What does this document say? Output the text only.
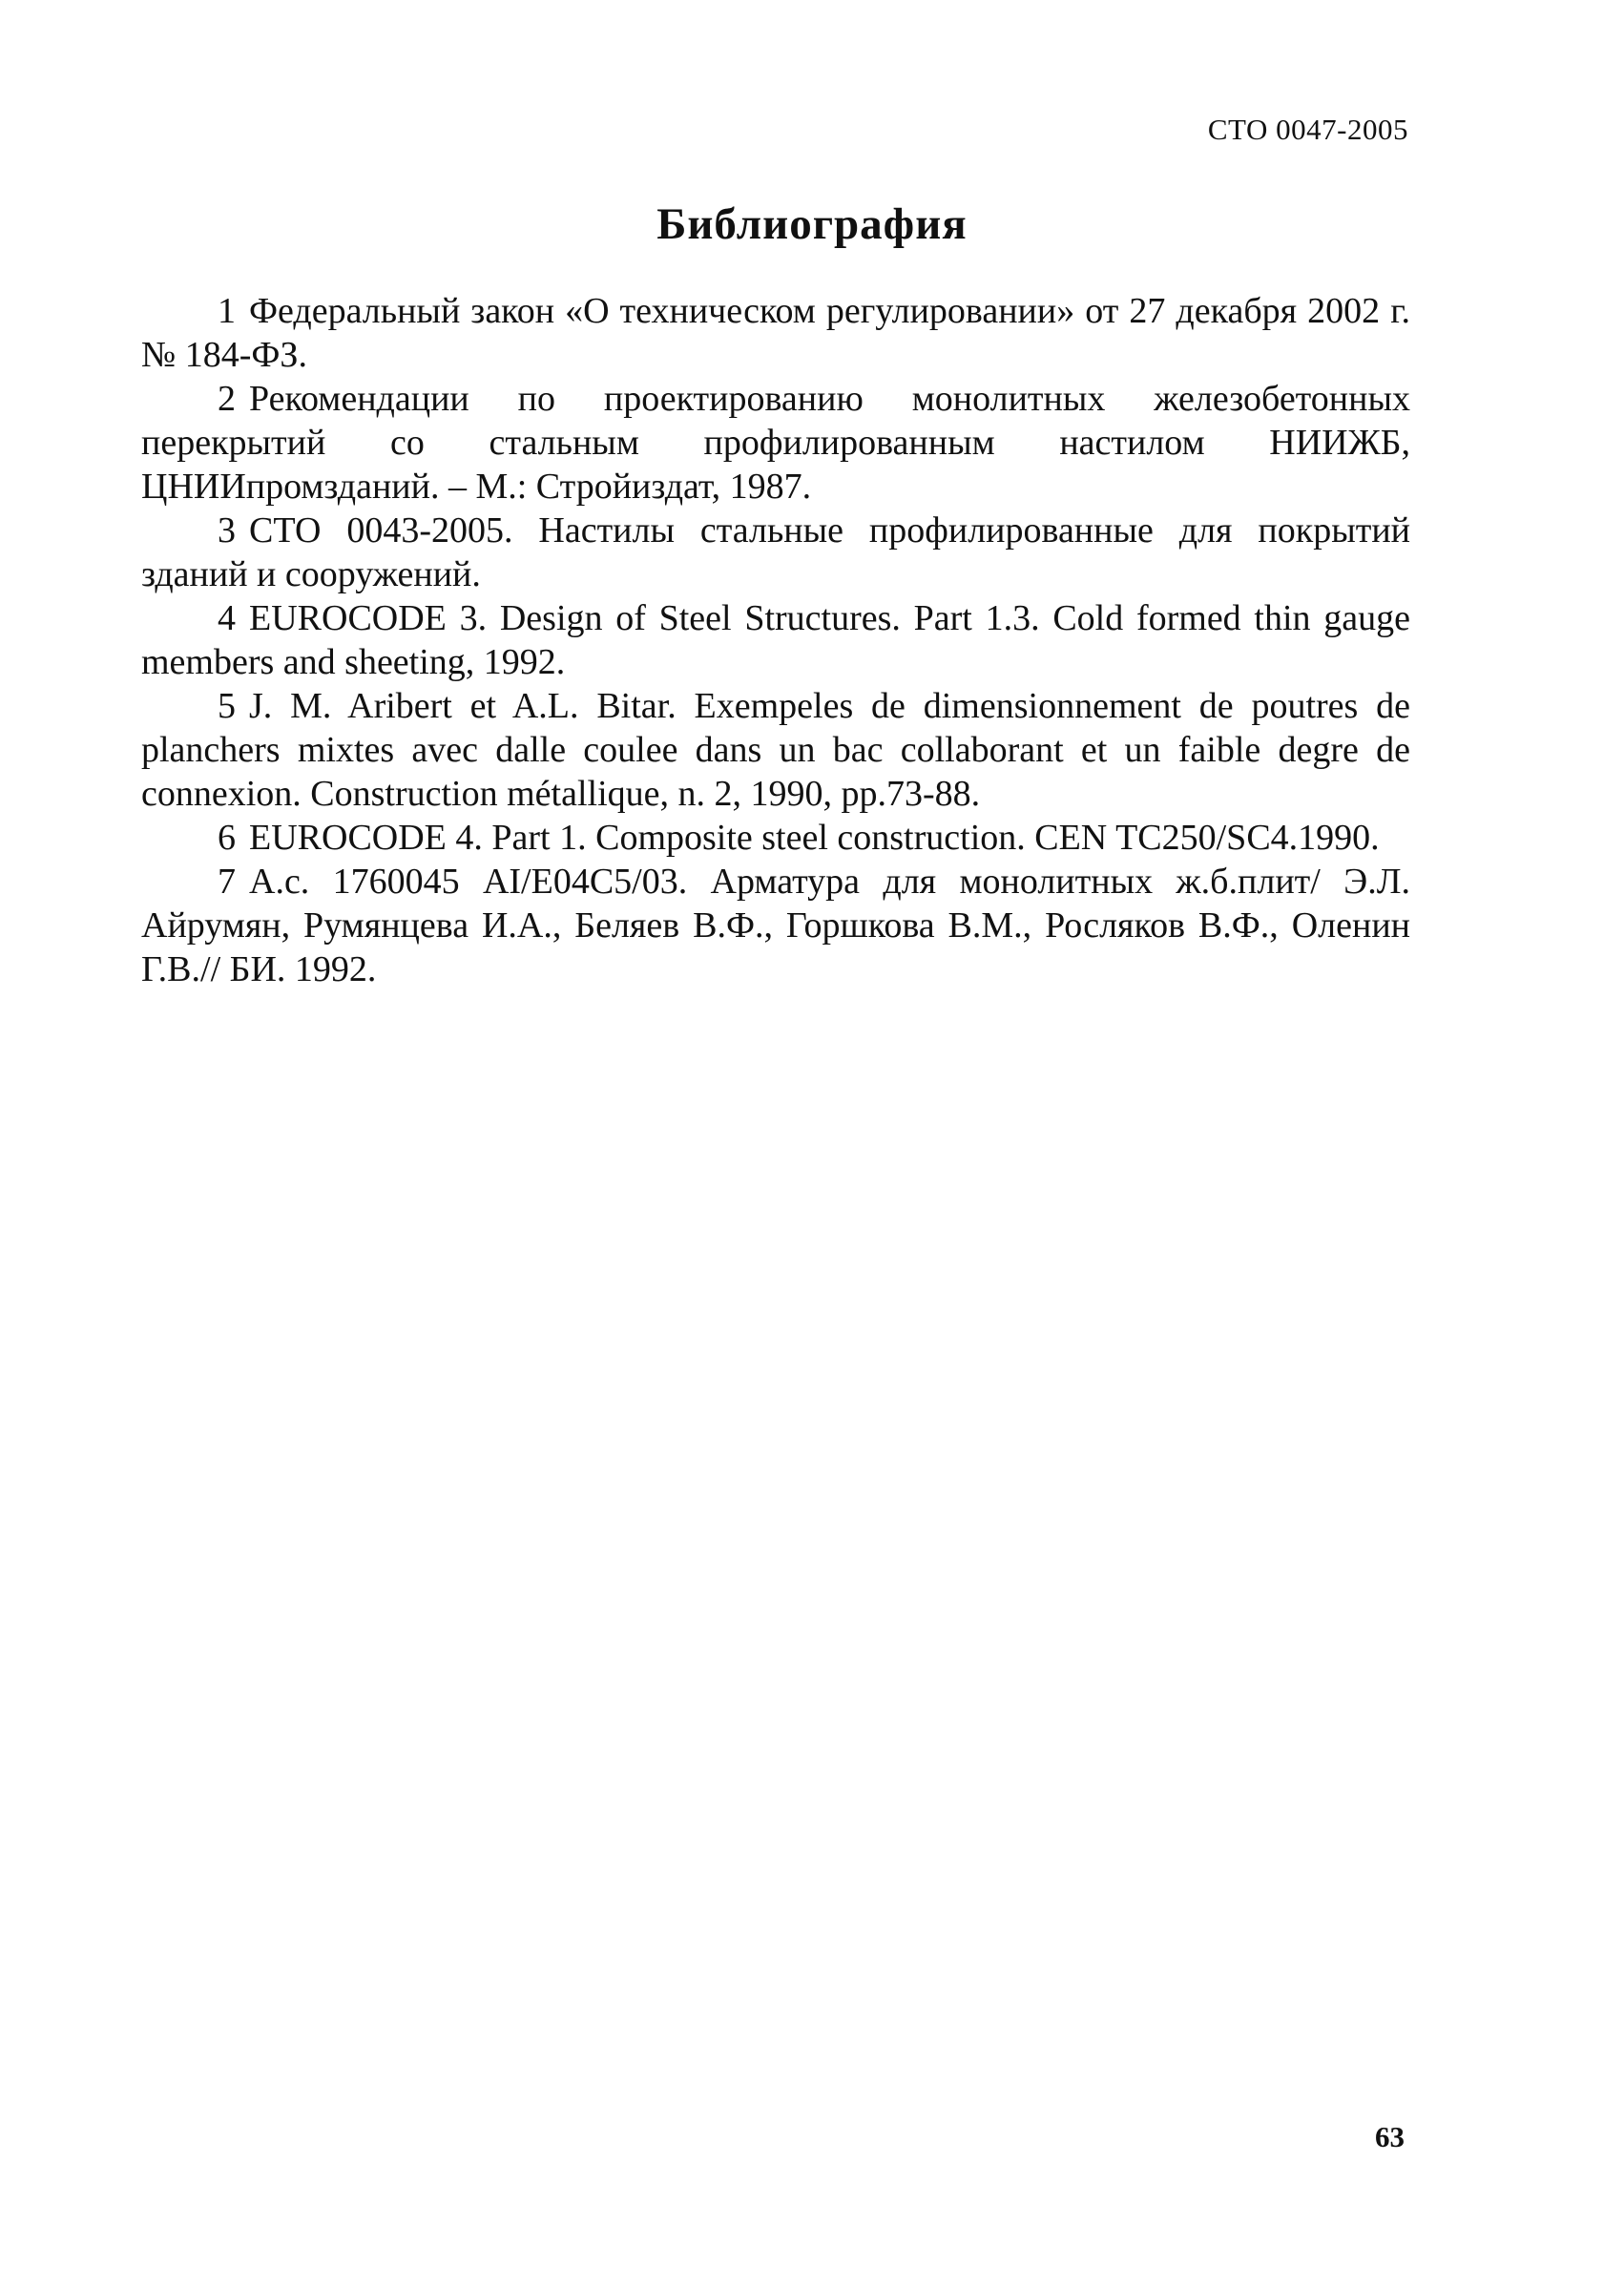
СТО 0047-2005
Библиография
1 Федеральный закон «О техническом регулировании» от 27 декабря 2002 г. № 184-ФЗ.
2 Рекомендации по проектированию монолитных железобетонных перекрытий со стальным профилированным настилом НИИЖБ, ЦНИИпромзданий. – М.: Стройиздат, 1987.
3 СТО 0043-2005. Настилы стальные профилированные для покрытий зданий и сооружений.
4 EUROCODE 3. Design of Steel Structures. Part 1.3. Cold formed thin gauge members and sheeting, 1992.
5 J. M. Aribert et A.L. Bitar. Exempeles de dimensionnement de poutres de planchers mixtes avec dalle coulee dans un bac collaborant et un faible degre de connexion. Construction métallique, n. 2, 1990, pp.73-88.
6 EUROCODE 4. Part 1. Composite steel construction. CEN TC250/SC4.1990.
7 А.с. 1760045 AI/E04C5/03. Арматура для монолитных ж.б.плит/ Э.Л. Айрумян, Румянцева И.А., Беляев В.Ф., Горшкова В.М., Росляков В.Ф., Оленин Г.В.// БИ. 1992.
63
